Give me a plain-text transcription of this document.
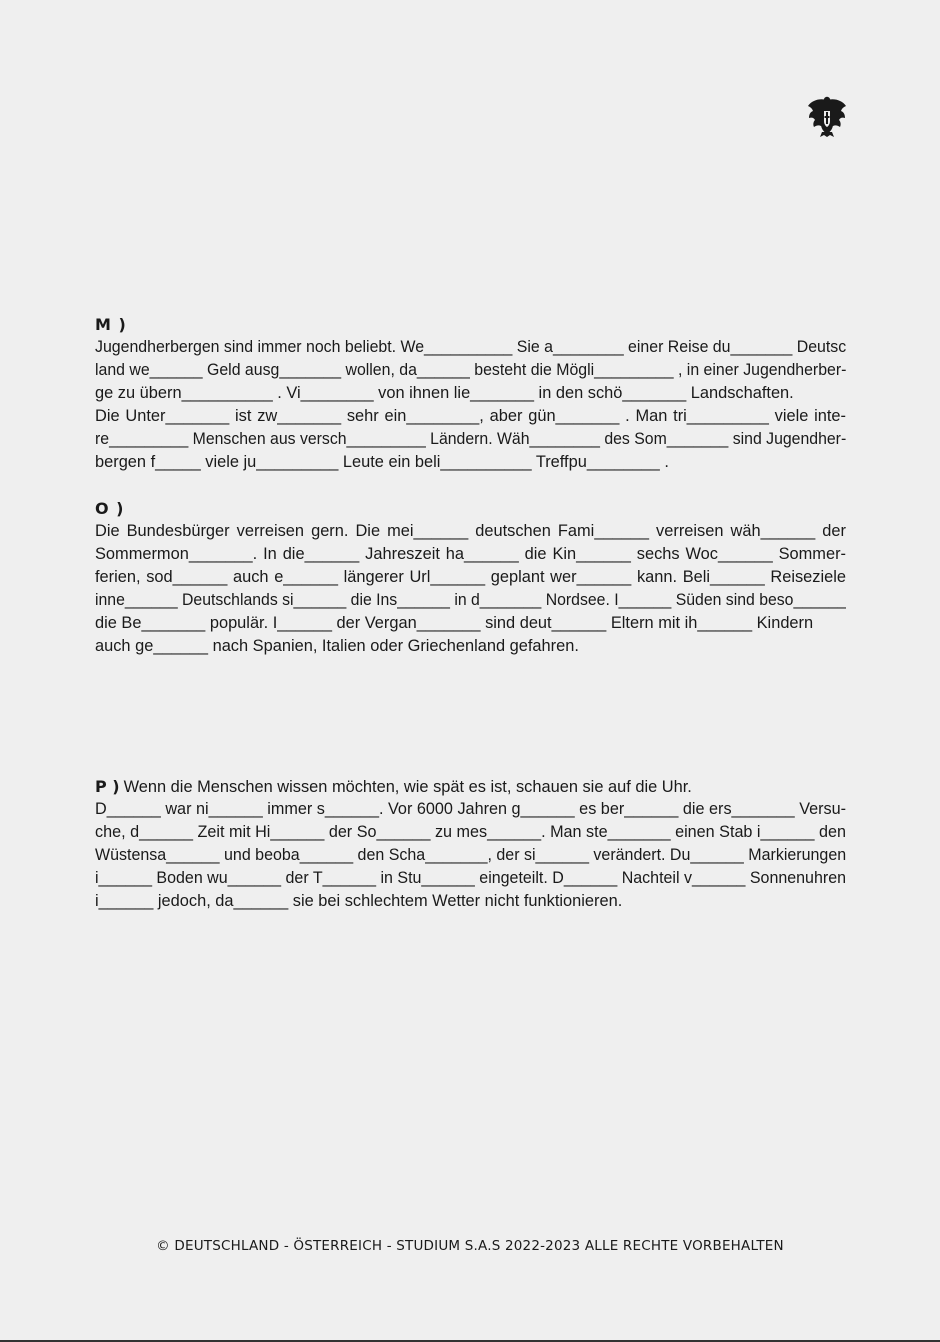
M )
Jugendherbergen sind immer noch beliebt. We__________ Sie a________ einer Reise du_______ Deutsc
land we______ Geld ausg_______ wollen, da______ besteht die Mögli_________ , in einer Jugendherber-
ge zu übern__________ . Vi________ von ihnen lie_______ in den schö_______ Landschaften.
Die Unter_______ ist zw_______ sehr ein________, aber gün_______ . Man tri_________ viele inte-
re_________ Menschen aus versch_________ Ländern. Wäh________ des Som_______ sind Jugendher-
bergen f_____ viele ju_________ Leute ein beli__________ Treffpu________ .
O )
Die Bundesbürger verreisen gern. Die mei______ deutschen Fami______ verreisen wäh______ der
Sommermon_______. In die______ Jahreszeit ha______ die Kin______ sechs Woc______ Sommer-
ferien, sod______ auch e______ längerer Url______ geplant wer______ kann. Beli______ Reiseziele
inne______ Deutschlands si______ die Ins______ in d_______ Nordsee. I______ Süden sind beso______
die Be_______ populär. I______ der Vergan_______ sind deut______ Eltern mit ih______ Kindern
auch ge______ nach Spanien, Italien oder Griechenland gefahren.
P ) Wenn die Menschen wissen möchten, wie spät es ist, schauen sie auf die Uhr.
D______ war ni______ immer s______. Vor 6000 Jahren g______ es ber______ die ers_______ Versu-
che, d______ Zeit mit Hi______ der So______ zu mes______. Man ste_______ einen Stab i______ den
Wüstensa______ und beoba______ den Scha_______, der si______ verändert. Du______ Markierungen
i______ Boden wu______ der T______ in Stu______ eingeteilt. D______ Nachteil v______ Sonnenuhren
i______ jedoch, da______ sie bei schlechtem Wetter nicht funktionieren.
© DEUTSCHLAND - ÖSTERREICH - STUDIUM S.A.S 2022-2023 ALLE RECHTE VORBEHALTEN
